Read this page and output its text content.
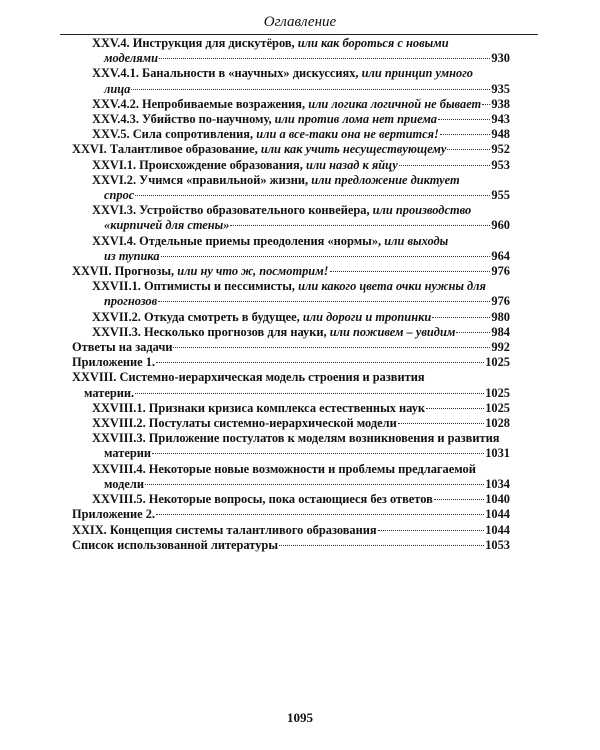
Оглавление
XXV.4. Инструкция для дискутёров, или как бороться с новыми
моделями	930
XXV.4.1. Банальности в «научных» дискуссиях, или принцип умного
лица	935
XXV.4.2. Непробиваемые возражения, или логика логичной не бывает 938
XXV.4.3. Убийство по-научному, или против лома нет приема	943
XXV.5. Сила сопротивления, или а все-таки она не вертится!	948
XXVI. Талантливое образование, или как учить несуществующему	952
XXVI.1. Происхождение образования, или назад к яйцу	953
XXVI.2. Учимся «правильной» жизни, или предложение диктует
спрос	955
XXVI.3. Устройство образовательного конвейера, или производство
«кирпичей для стены»	960
XXVI.4. Отдельные приемы преодоления «нормы», или выходы
из тупика	964
XXVII. Прогнозы, или ну что ж, посмотрим!	976
XXVII.1. Оптимисты и пессимисты, или какого цвета очки нужны для
прогнозов	976
XXVII.2. Откуда смотреть в будущее, или дороги и тропинки	980
XXVII.3. Несколько прогнозов для науки, или поживем – увидим	984
Ответы на задачи	992
Приложение 1.	1025
XXVIII. Системно-иерархическая модель строения и развития
материи.	1025
XXVIII.1. Признаки кризиса комплекса естественных наук	1025
XXVIII.2. Постулаты системно-иерархической модели	1028
XXVIII.3. Приложение постулатов к моделям возникновения и развития
материи	1031
XXVIII.4. Некоторые новые возможности и проблемы предлагаемой
модели	1034
XXVIII.5. Некоторые вопросы, пока остающиеся без ответов	1040
Приложение 2.	1044
XXIX. Концепция системы талантливого образования	1044
Список использованной литературы	1053
1095
